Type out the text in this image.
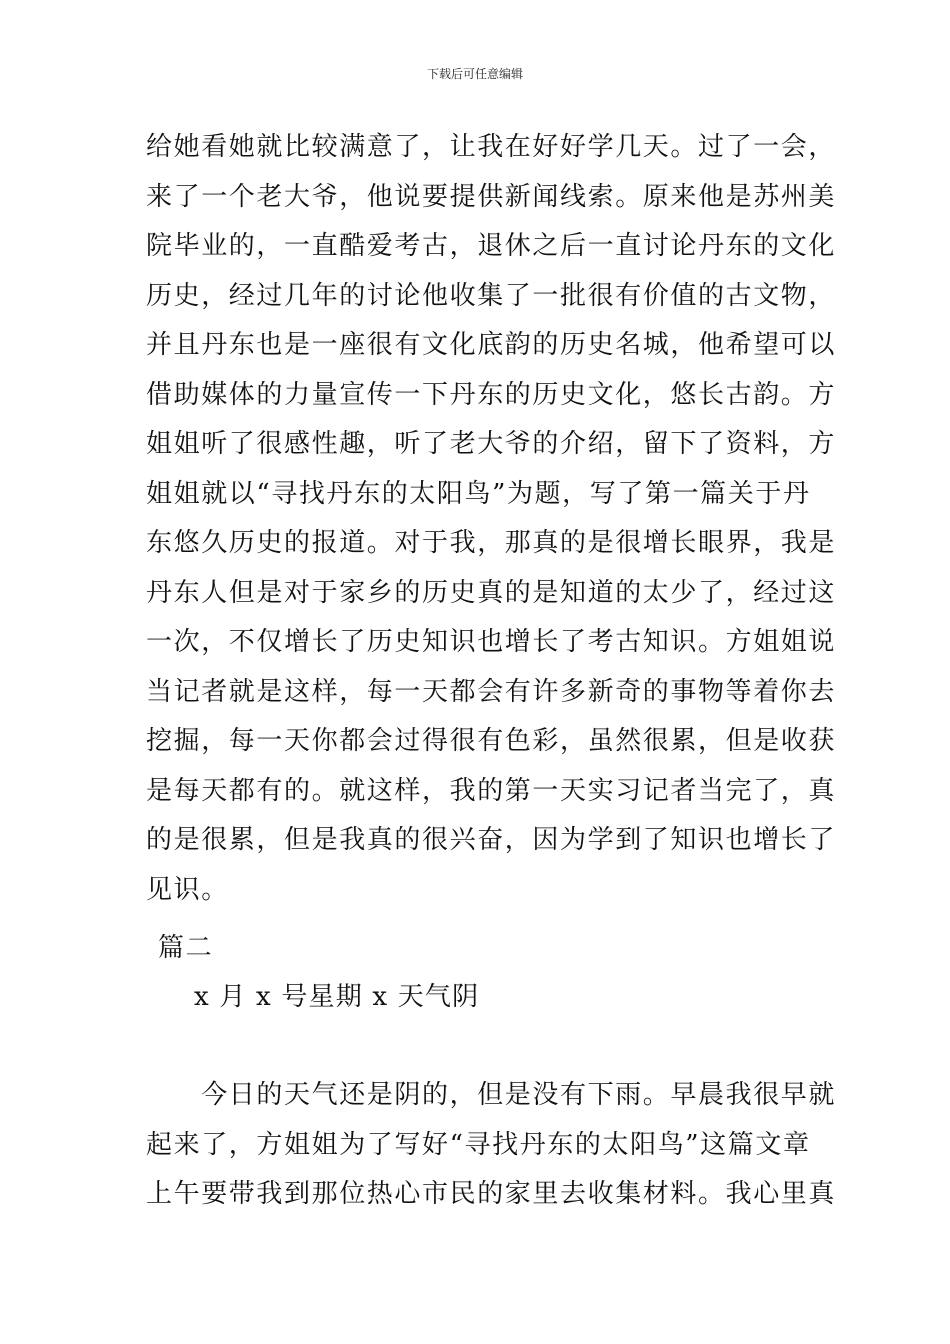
下载后可任意编辑
给她看她就比较满意了，让我在好好学几天。过了一会，
来了一个老大爷，他说要提供新闻线索。原来他是苏州美
院毕业的，一直酷爱考古，退休之后一直讨论丹东的文化
历史，经过几年的讨论他收集了一批很有价值的古文物，
并且丹东也是一座很有文化底韵的历史名城，他希望可以
借助媒体的力量宣传一下丹东的历史文化，悠长古韵。方
姐姐听了很感性趣，听了老大爷的介绍，留下了资料，方
姐姐就以“寻找丹东的太阳鸟”为题，写了第一篇关于丹
东悠久历史的报道。对于我，那真的是很增长眼界，我是
丹东人但是对于家乡的历史真的是知道的太少了，经过这
一次，不仅增长了历史知识也增长了考古知识。方姐姐说
当记者就是这样，每一天都会有许多新奇的事物等着你去
挖掘，每一天你都会过得很有色彩，虽然很累，但是收获
是每天都有的。就这样，我的第一天实习记者当完了，真
的是很累，但是我真的很兴奋，因为学到了知识也增长了
见识。
篇二
x 月 x 号星期 x 天气阴
　　今日的天气还是阴的，但是没有下雨。早晨我很早就
起来了，方姐姐为了写好“寻找丹东的太阳鸟”这篇文章
上午要带我到那位热心市民的家里去收集材料。我心里真
